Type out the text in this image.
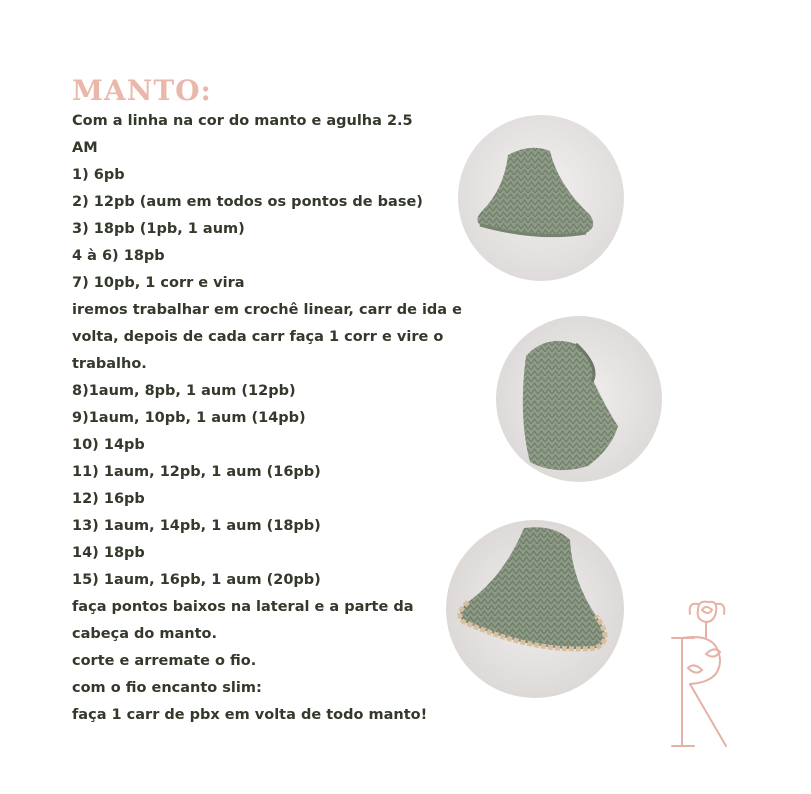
MANTO:
Com a linha na cor do manto e agulha 2.5
AM
1) 6pb
2) 12pb (aum em todos os pontos de base)
3) 18pb (1pb, 1 aum)
4 à 6) 18pb
7) 10pb, 1 corr e vira
iremos trabalhar em crochê linear, carr de ida e
volta, depois de cada carr faça 1 corr e vire o
trabalho.
8)1aum, 8pb, 1 aum (12pb)
9)1aum, 10pb, 1 aum (14pb)
10) 14pb
11) 1aum, 12pb, 1 aum (16pb)
12) 16pb
13) 1aum, 14pb, 1 aum (18pb)
14) 18pb
15) 1aum, 16pb, 1 aum (20pb)
faça pontos baixos na lateral e a parte da
cabeça do manto.
corte e arremate o fio.
com o fio encanto slim:
faça 1 carr de pbx em volta de todo manto!
